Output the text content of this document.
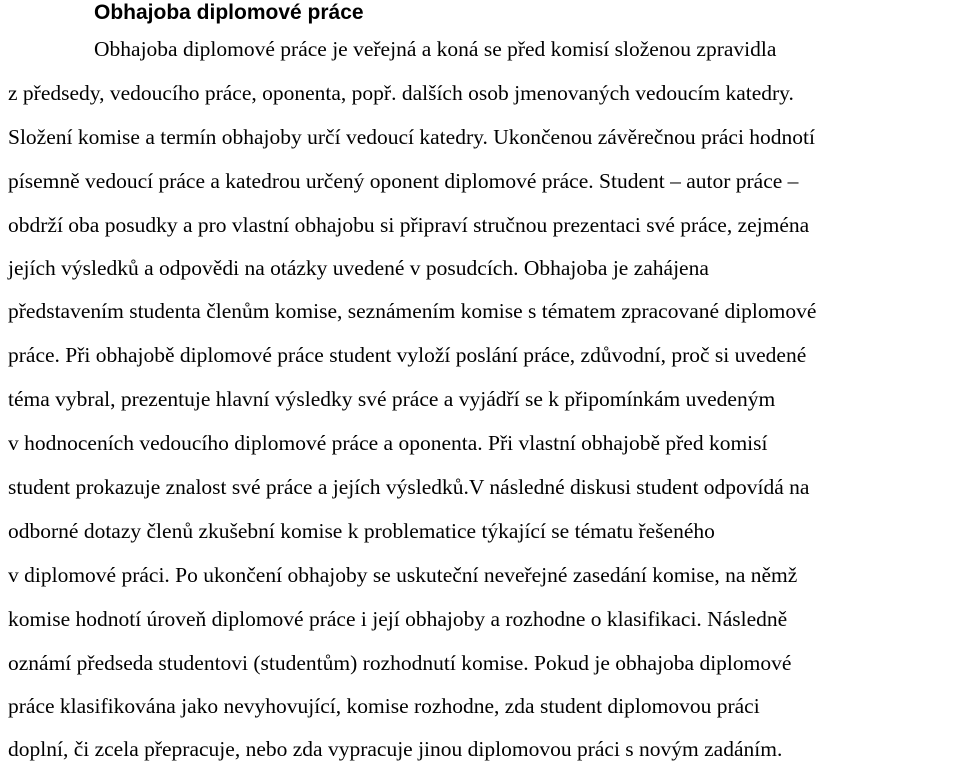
Obhajoba diplomové práce
Obhajoba diplomové práce je veřejná a koná se před komisí složenou zpravidla
z předsedy, vedoucího práce, oponenta, popř. dalších osob jmenovaných vedoucím katedry.
Složení komise a termín obhajoby určí vedoucí katedry. Ukončenou závěrečnou práci hodnotí
písemně vedoucí práce a katedrou určený oponent diplomové práce. Student – autor práce –
obdrží oba posudky a pro vlastní obhajobu si připraví stručnou prezentaci své práce, zejména
jejích výsledků a odpovědi na otázky uvedené v posudcích. Obhajoba je zahájena
představením studenta členům komise, seznámením komise s tématem zpracované diplomové
práce. Při obhajobě diplomové práce student vyloží poslání práce, zdůvodní, proč si uvedené
téma vybral, prezentuje hlavní výsledky své práce a vyjádří se k připomínkám uvedeným
v hodnoceních vedoucího diplomové práce a oponenta. Při vlastní obhajobě před komisí
student prokazuje znalost své práce a jejích výsledků.V následné diskusi student odpovídá na
odborné dotazy členů zkušební komise k problematice týkající se tématu řešeného
v diplomové práci. Po ukončení obhajoby se uskuteční neveřejné zasedání komise, na němž
komise hodnotí úroveň diplomové práce i její obhajoby a rozhodne o klasifikaci. Následně
oznámí předseda studentovi (studentům) rozhodnutí komise. Pokud je obhajoba diplomové
práce klasifikována jako nevyhovující, komise rozhodne, zda student diplomovou práci
doplní, či zcela přepracuje, nebo zda vypracuje jinou diplomovou práci s novým zadáním.
